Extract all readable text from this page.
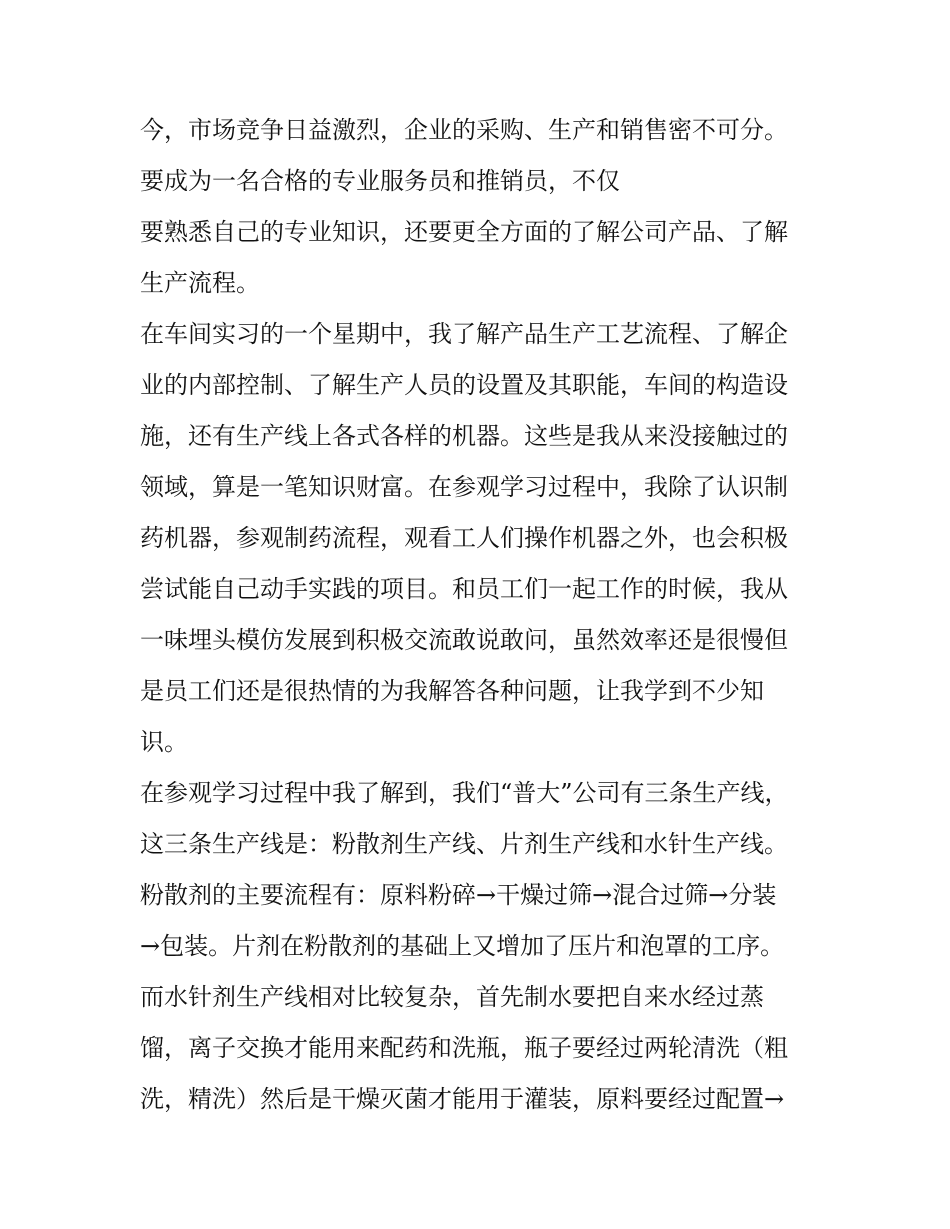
今，市场竞争日益激烈，企业的采购、生产和销售密不可分。
要成为一名合格的专业服务员和推销员，不仅
要熟悉自己的专业知识，还要更全方面的了解公司产品、了解
生产流程。
在车间实习的一个星期中，我了解产品生产工艺流程、了解企
业的内部控制、了解生产人员的设置及其职能，车间的构造设
施，还有生产线上各式各样的机器。这些是我从来没接触过的
领域，算是一笔知识财富。在参观学习过程中，我除了认识制
药机器，参观制药流程，观看工人们操作机器之外，也会积极
尝试能自己动手实践的项目。和员工们一起工作的时候，我从
一味埋头模仿发展到积极交流敢说敢问，虽然效率还是很慢但
是员工们还是很热情的为我解答各种问题，让我学到不少知
识。
在参观学习过程中我了解到，我们“普大”公司有三条生产线，
这三条生产线是：粉散剂生产线、片剂生产线和水针生产线。
粉散剂的主要流程有：原料粉碎→干燥过筛→混合过筛→分装
→包装。片剂在粉散剂的基础上又增加了压片和泡罩的工序。
而水针剂生产线相对比较复杂，首先制水要把自来水经过蒸
馏，离子交换才能用来配药和洗瓶，瓶子要经过两轮清洗（粗
洗，精洗）然后是干燥灭菌才能用于灌装，原料要经过配置→
